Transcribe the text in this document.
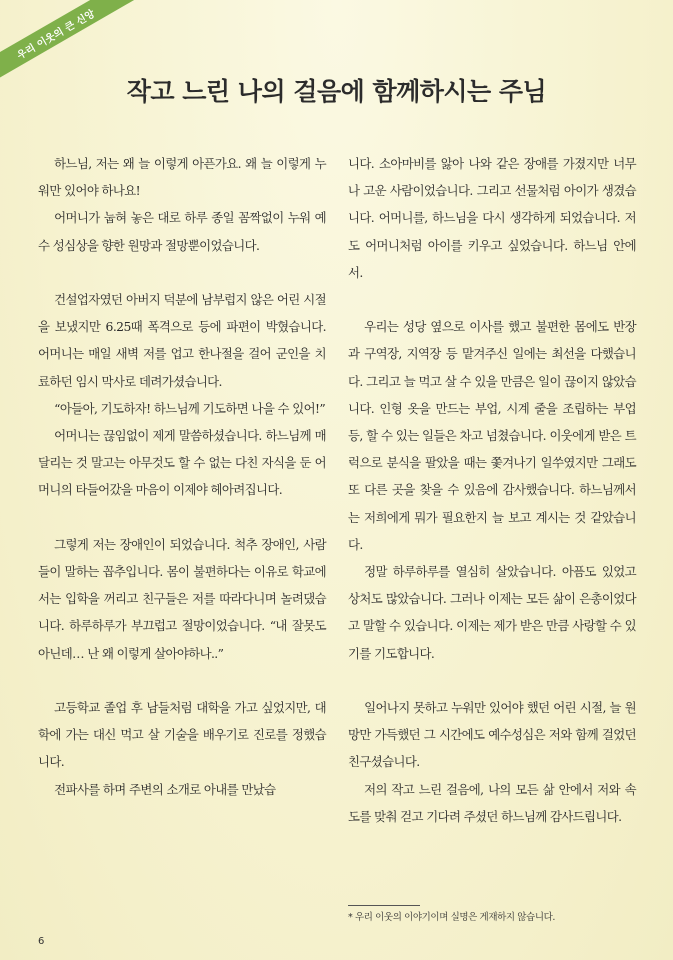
우리 이웃의 큰 신앙
작고 느린 나의 걸음에 함께하시는 주님

하느님, 저는 왜 늘 이렇게 아픈가요. 왜 늘 이렇게 누워만 있어야 하나요!

어머니가 눕혀 놓은 대로 하루 종일 꼼짝없이 누워 예수 성심상을 향한 원망과 절망뿐이었습니다.

건설업자였던 아버지 덕분에 남부럽지 않은 어린 시절을 보냈지만 6.25때 폭격으로 등에 파편이 박혔습니다. 어머니는 매일 새벽 저를 업고 한나절을 걸어 군인을 치료하던 임시 막사로 데려가셨습니다.

“아들아, 기도하자! 하느님께 기도하면 나을 수 있어!”

어머니는 끊임없이 제게 말씀하셨습니다. 하느님께 매달리는 것 말고는 아무것도 할 수 없는 다친 자식을 둔 어머니의 타들어갔을 마음이 이제야 헤아려집니다.

그렇게 저는 장애인이 되었습니다. 척추 장애인, 사람들이 말하는 꼽추입니다. 몸이 불편하다는 이유로 학교에서는 입학을 꺼리고 친구들은 저를 따라다니며 놀려댔습니다. 하루하루가 부끄럽고 절망이었습니다. “내 잘못도 아닌데… 난 왜 이렇게 살아야하나..”

고등학교 졸업 후 남들처럼 대학을 가고 싶었지만, 대학에 가는 대신 먹고 살 기술을 배우기로 진로를 정했습니다.

전파사를 하며 주변의 소개로 아내를 만났습

니다. 소아마비를 앓아 나와 같은 장애를 가졌지만 너무나 고운 사람이었습니다. 그리고 선물처럼 아이가 생겼습니다. 어머니를, 하느님을 다시 생각하게 되었습니다. 저도 어머니처럼 아이를 키우고 싶었습니다. 하느님 안에서.

우리는 성당 옆으로 이사를 했고 불편한 몸에도 반장과 구역장, 지역장 등 맡겨주신 일에는 최선을 다했습니다. 그리고 늘 먹고 살 수 있을 만큼은 일이 끊이지 않았습니다. 인형 옷을 만드는 부업, 시계 줄을 조립하는 부업 등, 할 수 있는 일들은 차고 넘쳤습니다. 이웃에게 받은 트럭으로 분식을 팔았을 때는 쫓겨나기 일쑤였지만 그래도 또 다른 곳을 찾을 수 있음에 감사했습니다. 하느님께서는 저희에게 뭐가 필요한지 늘 보고 계시는 것 같았습니다.

정말 하루하루를 열심히 살았습니다. 아픔도 있었고 상처도 많았습니다. 그러나 이제는 모든 삶이 은총이었다고 말할 수 있습니다. 이제는 제가 받은 만큼 사랑할 수 있기를 기도합니다.

일어나지 못하고 누워만 있어야 했던 어린 시절, 늘 원망만 가득했던 그 시간에도 예수성심은 저와 함께 걸었던 친구셨습니다.

저의 작고 느린 걸음에, 나의 모든 삶 안에서 저와 속도를 맞춰 걷고 기다려 주셨던 하느님께 감사드립니다.

* 우리 이웃의 이야기이며 실명은 게재하지 않습니다.
6
